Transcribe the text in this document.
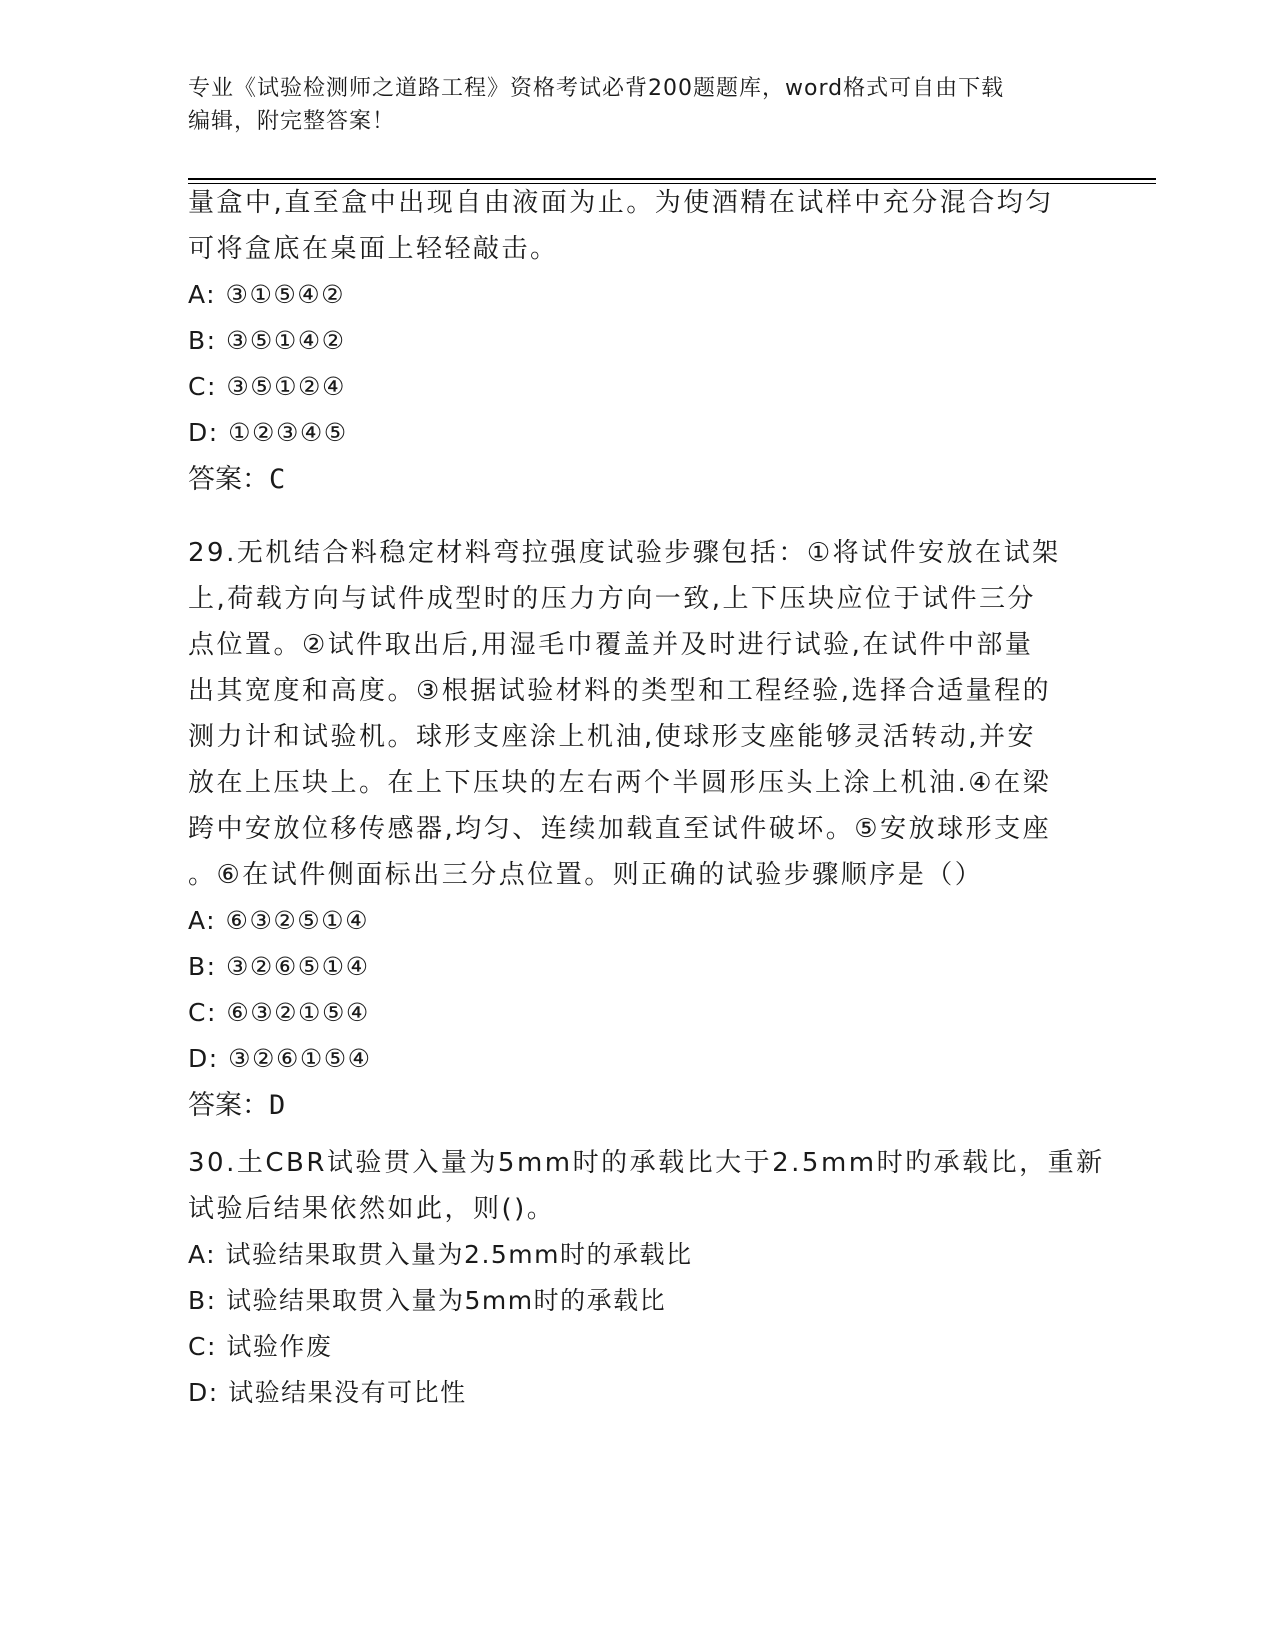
专业《试验检测师之道路工程》资格考试必背200题题库，word格式可自由下载
编辑，附完整答案！
量盒中,直至盒中出现自由液面为止。为使酒精在试样中充分混合均匀
可将盒底在桌面上轻轻敲击。
A: ③①⑤④②
B: ③⑤①④②
C: ③⑤①②④
D: ①②③④⑤
答案：C
29.无机结合料稳定材料弯拉强度试验步骤包括：①将试件安放在试架
上,荷载方向与试件成型时的压力方向一致,上下压块应位于试件三分
点位置。②试件取出后,用湿毛巾覆盖并及时进行试验,在试件中部量
出其宽度和高度。③根据试验材料的类型和工程经验,选择合适量程的
测力计和试验机。球形支座涂上机油,使球形支座能够灵活转动,并安
放在上压块上。在上下压块的左右两个半圆形压头上涂上机油.④在梁
跨中安放位移传感器,均匀、连续加载直至试件破坏。⑤安放球形支座
。⑥在试件侧面标出三分点位置。则正确的试验步骤顺序是（）
A: ⑥③②⑤①④
B: ③②⑥⑤①④
C: ⑥③②①⑤④
D: ③②⑥①⑤④
答案：D
30.土CBR试验贯入量为5mm时的承载比大于2.5mm时旳承载比，重新
试验后结果依然如此，则()。
A: 试验结果取贯入量为2.5mm时的承载比
B: 试验结果取贯入量为5mm时的承载比
C: 试验作废
D: 试验结果没有可比性
